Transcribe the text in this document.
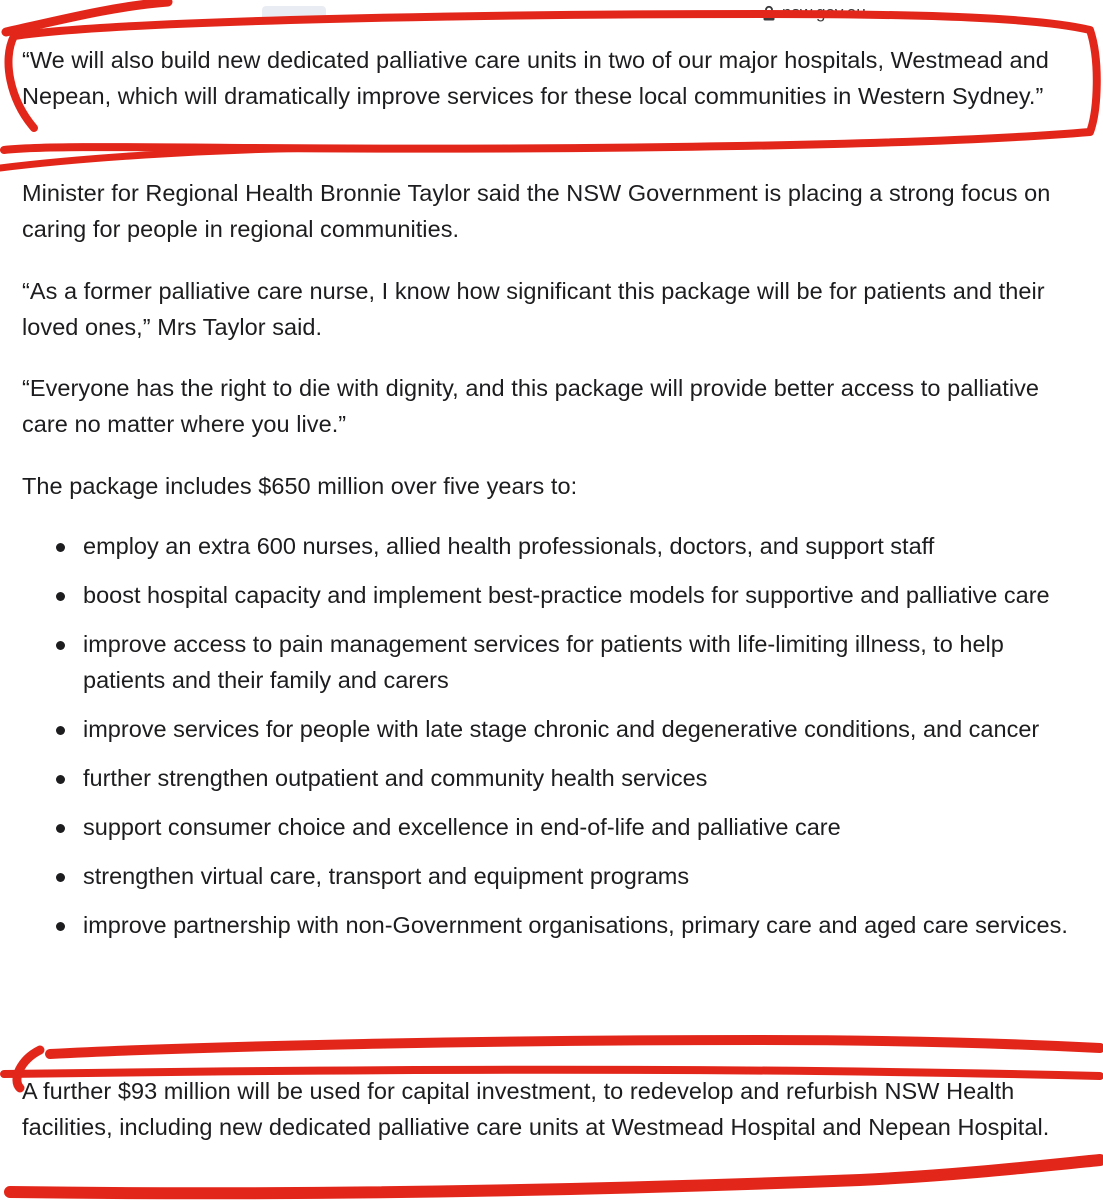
nsw.gov.au

“We will also build new dedicated palliative care units in two of our major hospitals, Westmead and Nepean, which will dramatically improve services for these local communities in Western Sydney.”

Minister for Regional Health Bronnie Taylor said the NSW Government is placing a strong focus on caring for people in regional communities.

“As a former palliative care nurse, I know how significant this package will be for patients and their loved ones,” Mrs Taylor said.

“Everyone has the right to die with dignity, and this package will provide better access to palliative care no matter where you live.”

The package includes $650 million over five years to:

employ an extra 600 nurses, allied health professionals, doctors, and support staff
boost hospital capacity and implement best-practice models for supportive and palliative care
improve access to pain management services for patients with life-limiting illness, to help patients and their family and carers
improve services for people with late stage chronic and degenerative conditions, and cancer
further strengthen outpatient and community health services
support consumer choice and excellence in end-of-life and palliative care
strengthen virtual care, transport and equipment programs
improve partnership with non-Government organisations, primary care and aged care services.

A further $93 million will be used for capital investment, to redevelop and refurbish NSW Health facilities, including new dedicated palliative care units at Westmead Hospital and Nepean Hospital.
